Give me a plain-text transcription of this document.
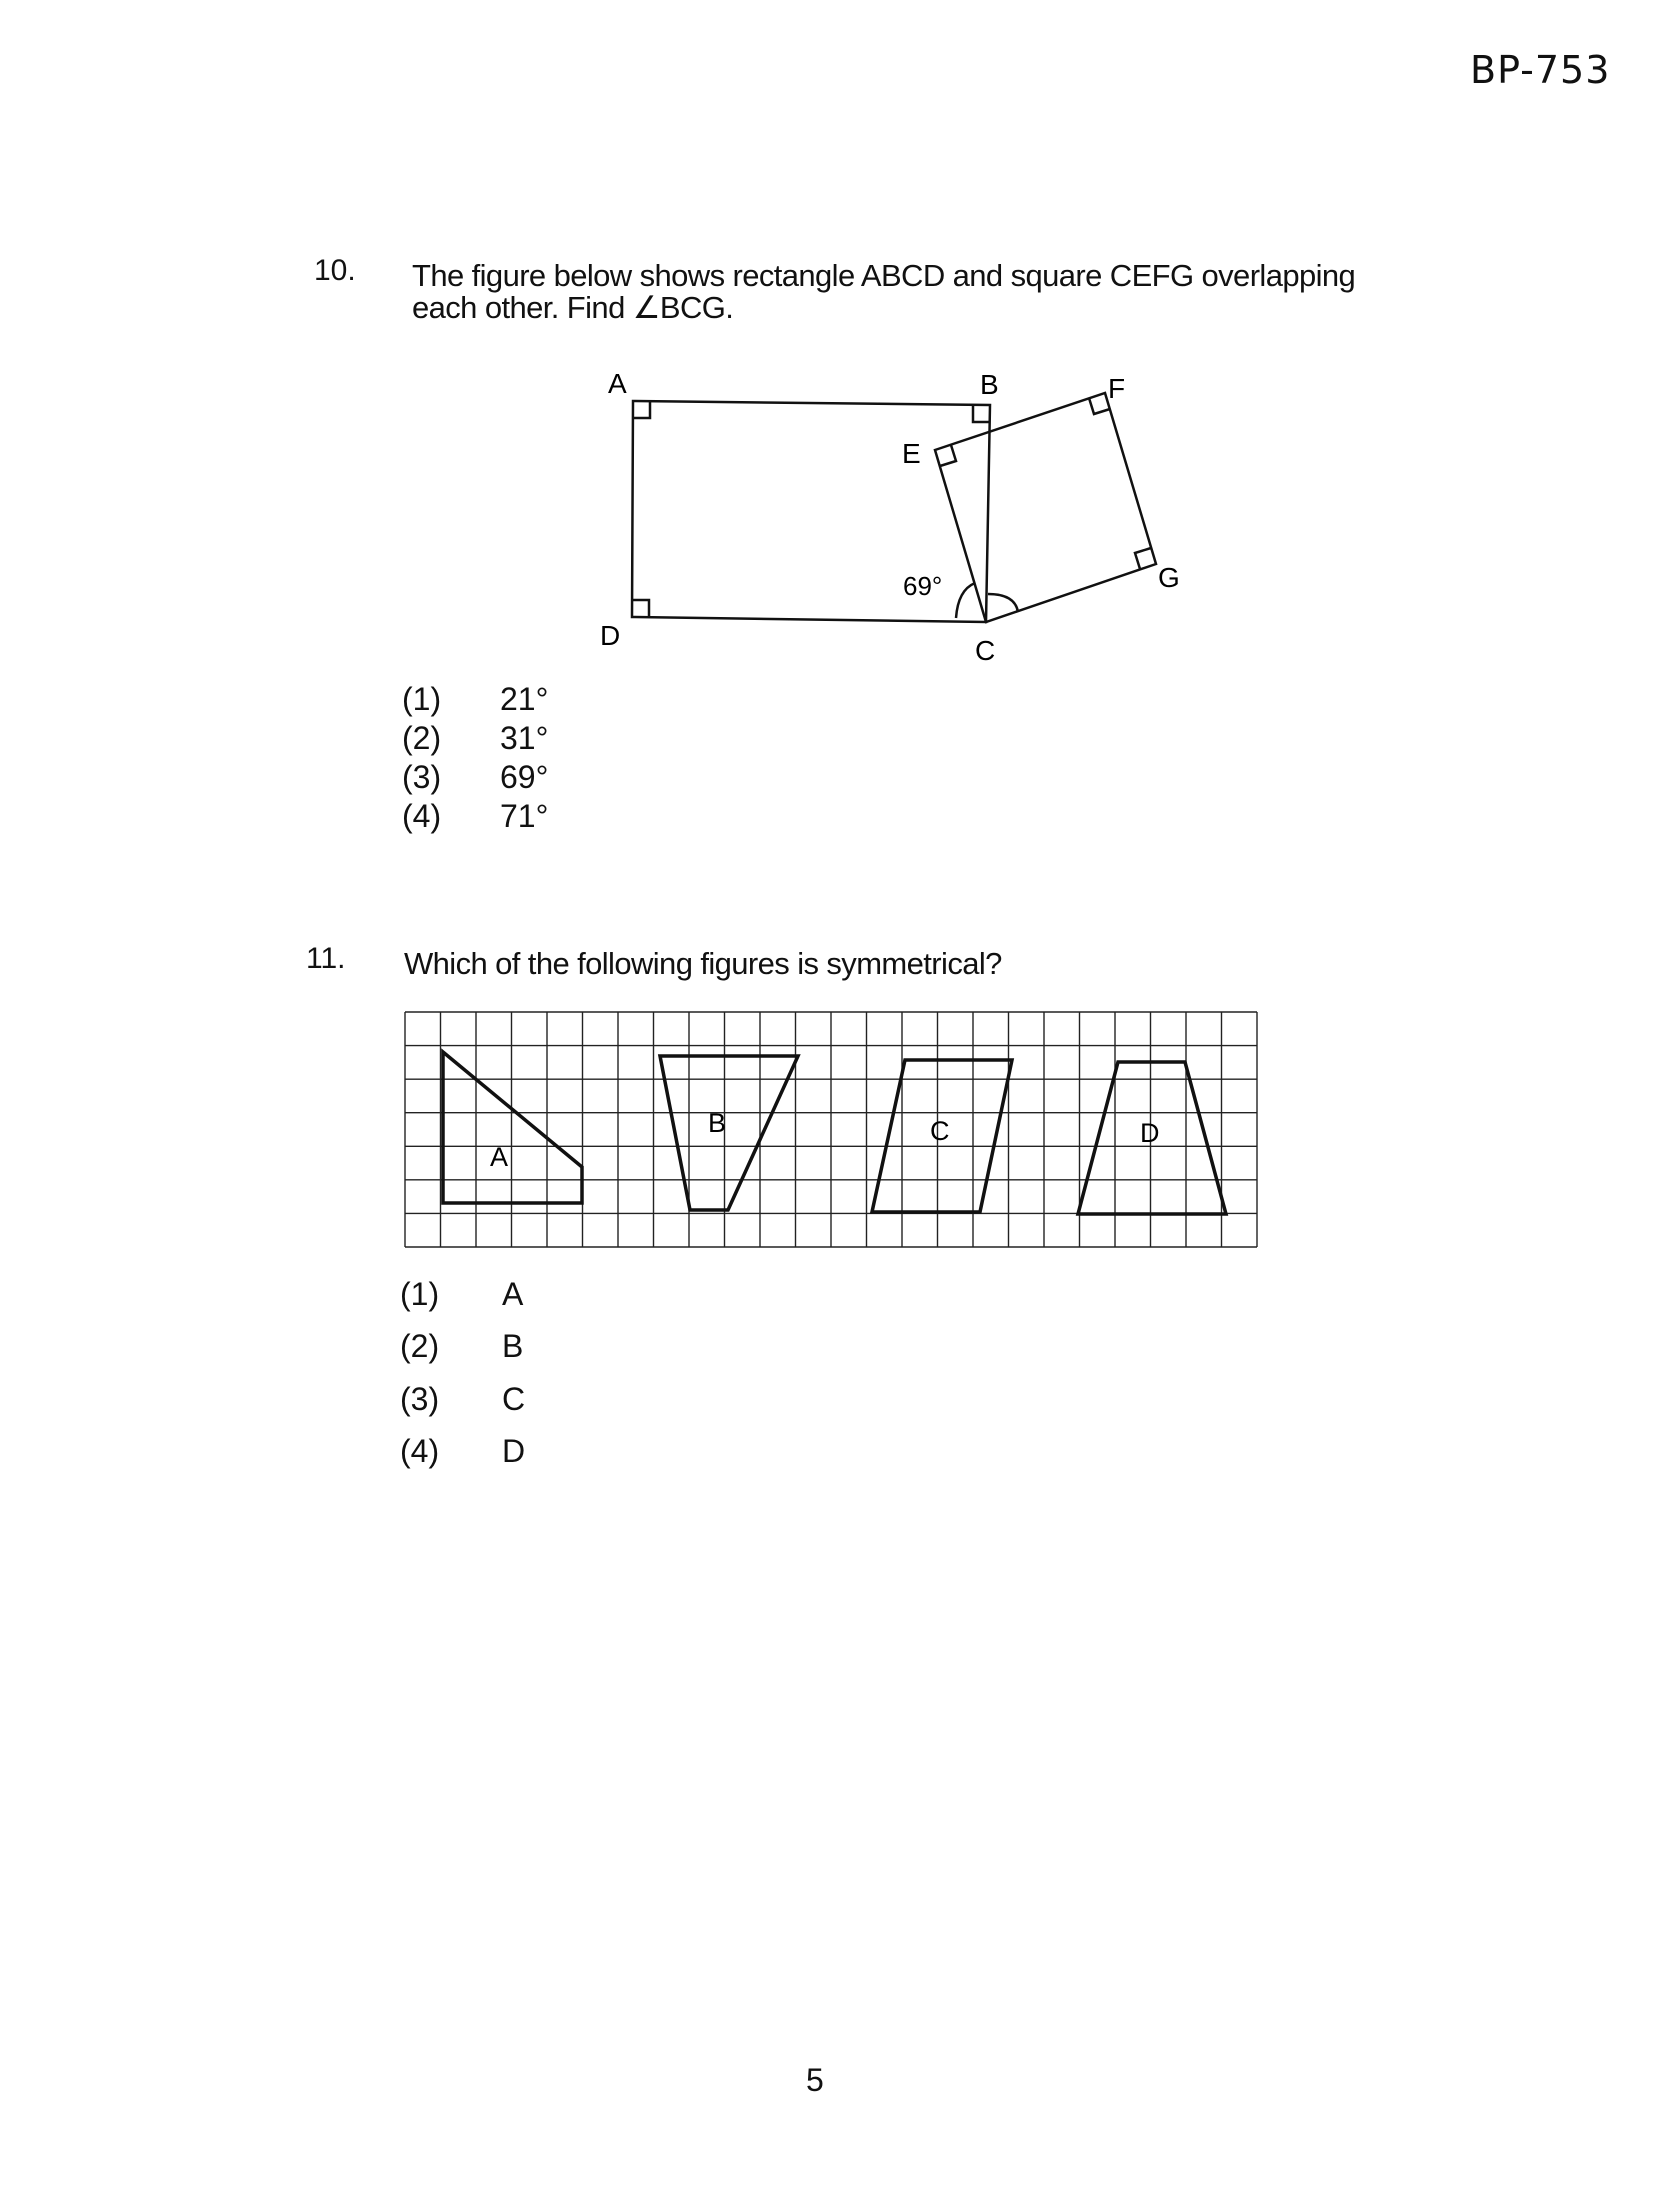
BP-753
10. The figure below shows rectangle ABCD and square CEFG overlapping
each other. Find ∠BCG.
A	B
C
D
E
F
G
69°
(1) 21°
(2) 31°
(3) 69°
(4) 71°
11. Which of the following figures is symmetrical?
A
B	C	D
(1) A
(2) B
(3) C
(4) D
5
